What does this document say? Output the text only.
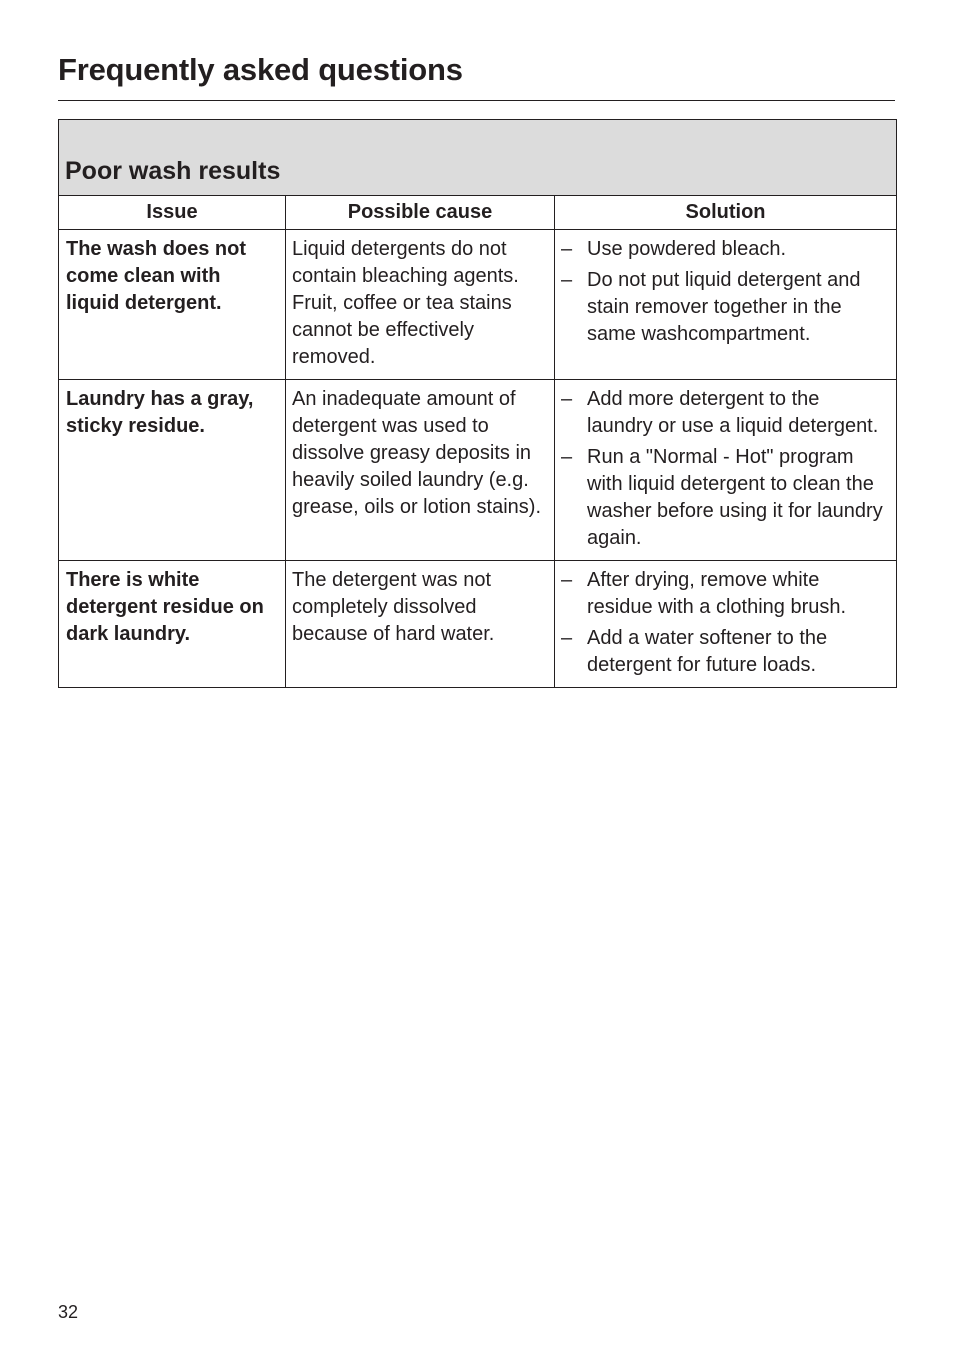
Frequently asked questions
Poor wash results		

Issue	Possible cause	Solution
The wash does not come clean with liquid detergent.	Liquid detergents do not contain bleaching agents. Fruit, coffee or tea stains cannot be effectively removed.	– Use powdered bleach.
– Do not put liquid detergent and stain remover together in the same washcompartment.

Laundry has a gray, sticky residue.	An inadequate amount of detergent was used to dissolve greasy deposits in heavily soiled laundry (e.g. grease, oils or lotion stains).	– Add more detergent to the laundry or use a liquid detergent.
– Run a "Normal - Hot" program with liquid detergent to clean the washer before using it for laundry again.

There is white detergent residue on dark laundry.	The detergent was not completely dissolved because of hard water.	– After drying, remove white residue with a clothing brush.
– Add a water softener to the detergent for future loads.
32
